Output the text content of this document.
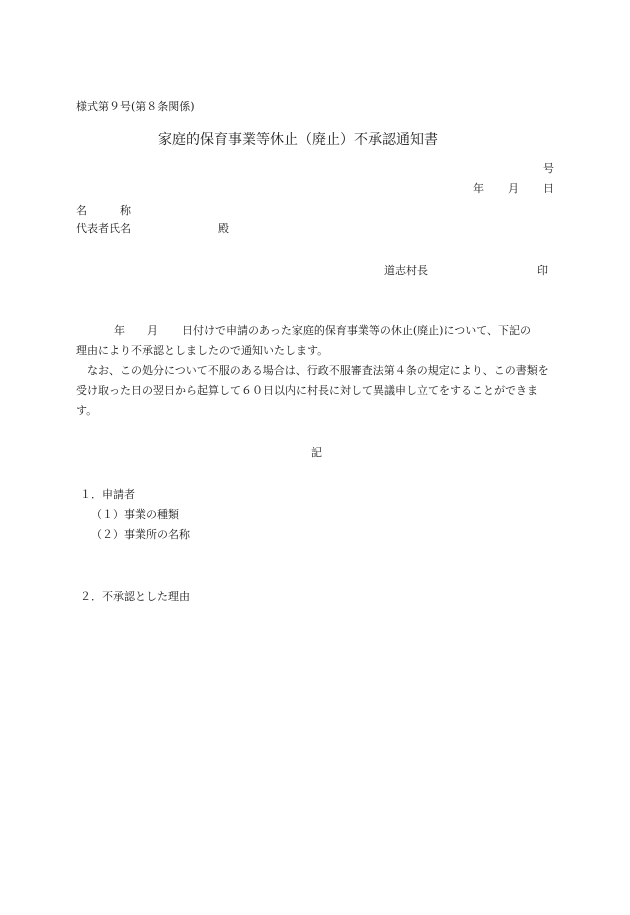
様式第９号(第８条関係)
家庭的保育事業等休止（廃止）不承認通知書
号
年 月 日
名　　　称
代表者氏名	殿
道志村長	印

年 月 日付けで申請のあった家庭的保育事業等の休止(廃止)について、下記の

理由により不承認としましたので通知いたします。

なお、この処分について不服のある場合は、行政不服審査法第４条の規定により、この書類を受け取った日の翌日から起算して６０日以内に村長に対して異議申し立てをすることができます。

記
１．申請者
（１）事業の種類
（２）事業所の名称
２．不承認とした理由
